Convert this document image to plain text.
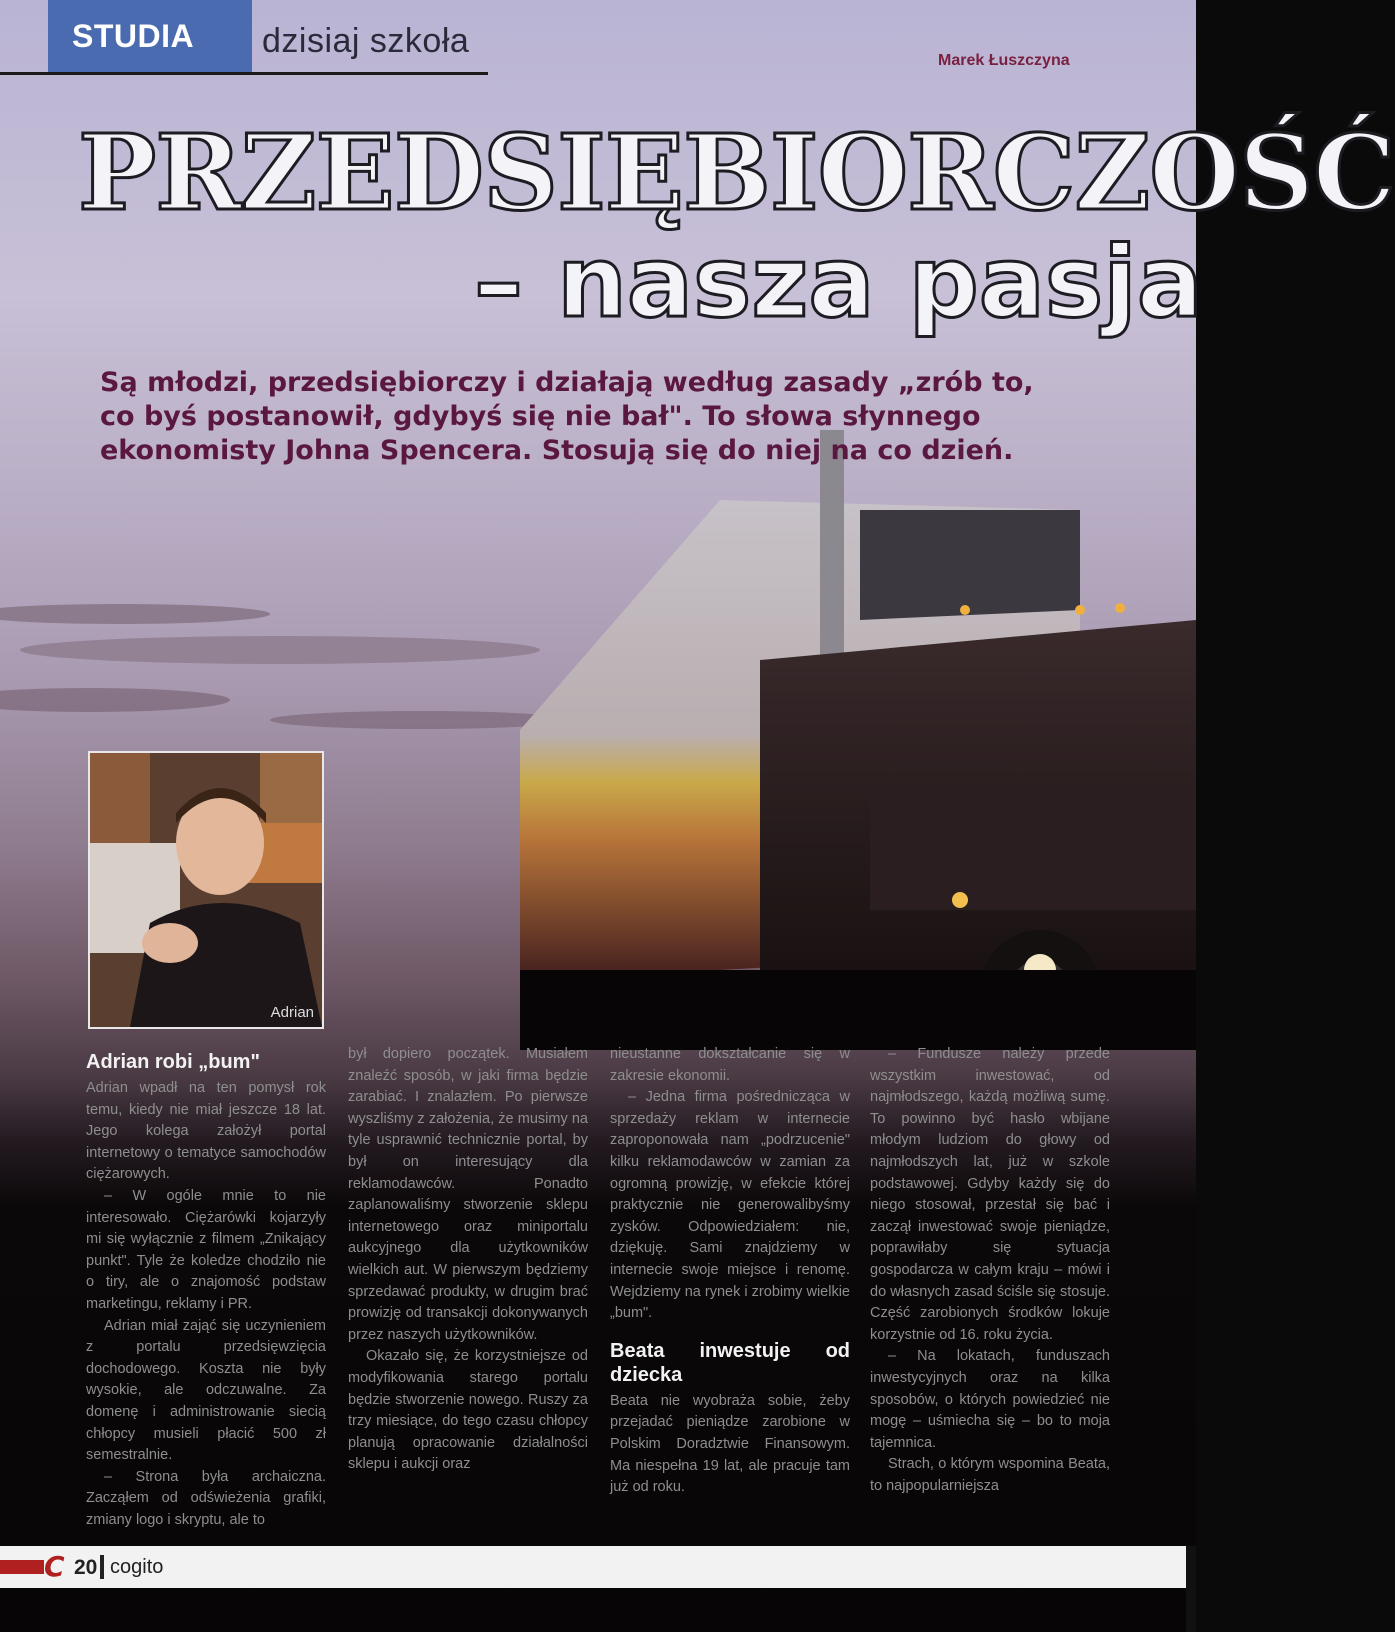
STUDIA	dzisiaj szkoła
Marek Łuszczyna
PRZEDSIĘBIORCZOŚĆ
– nasza pasja
Są młodzi, przedsiębiorczy i działają według zasady „zrób to, co byś postanowił, gdybyś się nie bał". To słowa słynnego ekonomisty Johna Spencera. Stosują się do niej na co dzień.
Adrian
Adrian robi „bum"

Adrian wpadł na ten pomysł rok temu, kiedy nie miał jeszcze 18 lat. Jego kolega założył portal internetowy o tematyce samochodów ciężarowych.

– W ogóle mnie to nie interesowało. Ciężarówki kojarzyły mi się wyłącznie z filmem „Znikający punkt". Tyle że koledze chodziło nie o tiry, ale o znajomość podstaw marketingu, reklamy i PR.

Adrian miał zająć się uczynieniem z portalu przedsięwzięcia dochodowego. Koszta nie były wysokie, ale odczuwalne. Za domenę i administrowanie siecią chłopcy musieli płacić 500 zł semestralnie.

– Strona była archaiczna. Zacząłem od odświeżenia grafiki, zmiany logo i skryptu, ale to

był dopiero początek. Musiałem znaleźć sposób, w jaki firma będzie zarabiać. I znalazłem. Po pierwsze wyszliśmy z założenia, że musimy na tyle usprawnić technicznie portal, by był on interesujący dla reklamodawców. Ponadto zaplanowaliśmy stworzenie sklepu internetowego oraz miniportalu aukcyjnego dla użytkowników wielkich aut. W pierwszym będziemy sprzedawać produkty, w drugim brać prowizję od transakcji dokonywanych przez naszych użytkowników.

Okazało się, że korzystniejsze od modyfikowania starego portalu będzie stworzenie nowego. Ruszy za trzy miesiące, do tego czasu chłopcy planują opracowanie działalności sklepu i aukcji oraz

nieustanne dokształcanie się w zakresie ekonomii.

– Jedna firma pośrednicząca w sprzedaży reklam w internecie zaproponowała nam „podrzucenie" kilku reklamodawców w zamian za ogromną prowizję, w efekcie której praktycznie nie generowalibyśmy zysków. Odpowiedziałem: nie, dziękuję. Sami znajdziemy w internecie swoje miejsce i renomę. Wejdziemy na rynek i zrobimy wielkie „bum".

Beata inwestuje od dziecka

Beata nie wyobraża sobie, żeby przejadać pieniądze zarobione w Polskim Doradztwie Finansowym. Ma niespełna 19 lat, ale pracuje tam już od roku.

– Fundusze należy przede wszystkim inwestować, od najmłodszego, każdą możliwą sumę. To powinno być hasło wbijane młodym ludziom do głowy od najmłodszych lat, już w szkole podstawowej. Gdyby każdy się do niego stosował, przestał się bać i zaczął inwestować swoje pieniądze, poprawiłaby się sytuacja gospodarcza w całym kraju – mówi i do własnych zasad ściśle się stosuje. Część zarobionych środków lokuje korzystnie od 16. roku życia.

– Na lokatach, funduszach inwestycyjnych oraz na kilka sposobów, o których powiedzieć nie mogę – uśmiecha się – bo to moja tajemnica.

Strach, o którym wspomina Beata, to najpopularniejsza

C 20 cogito
